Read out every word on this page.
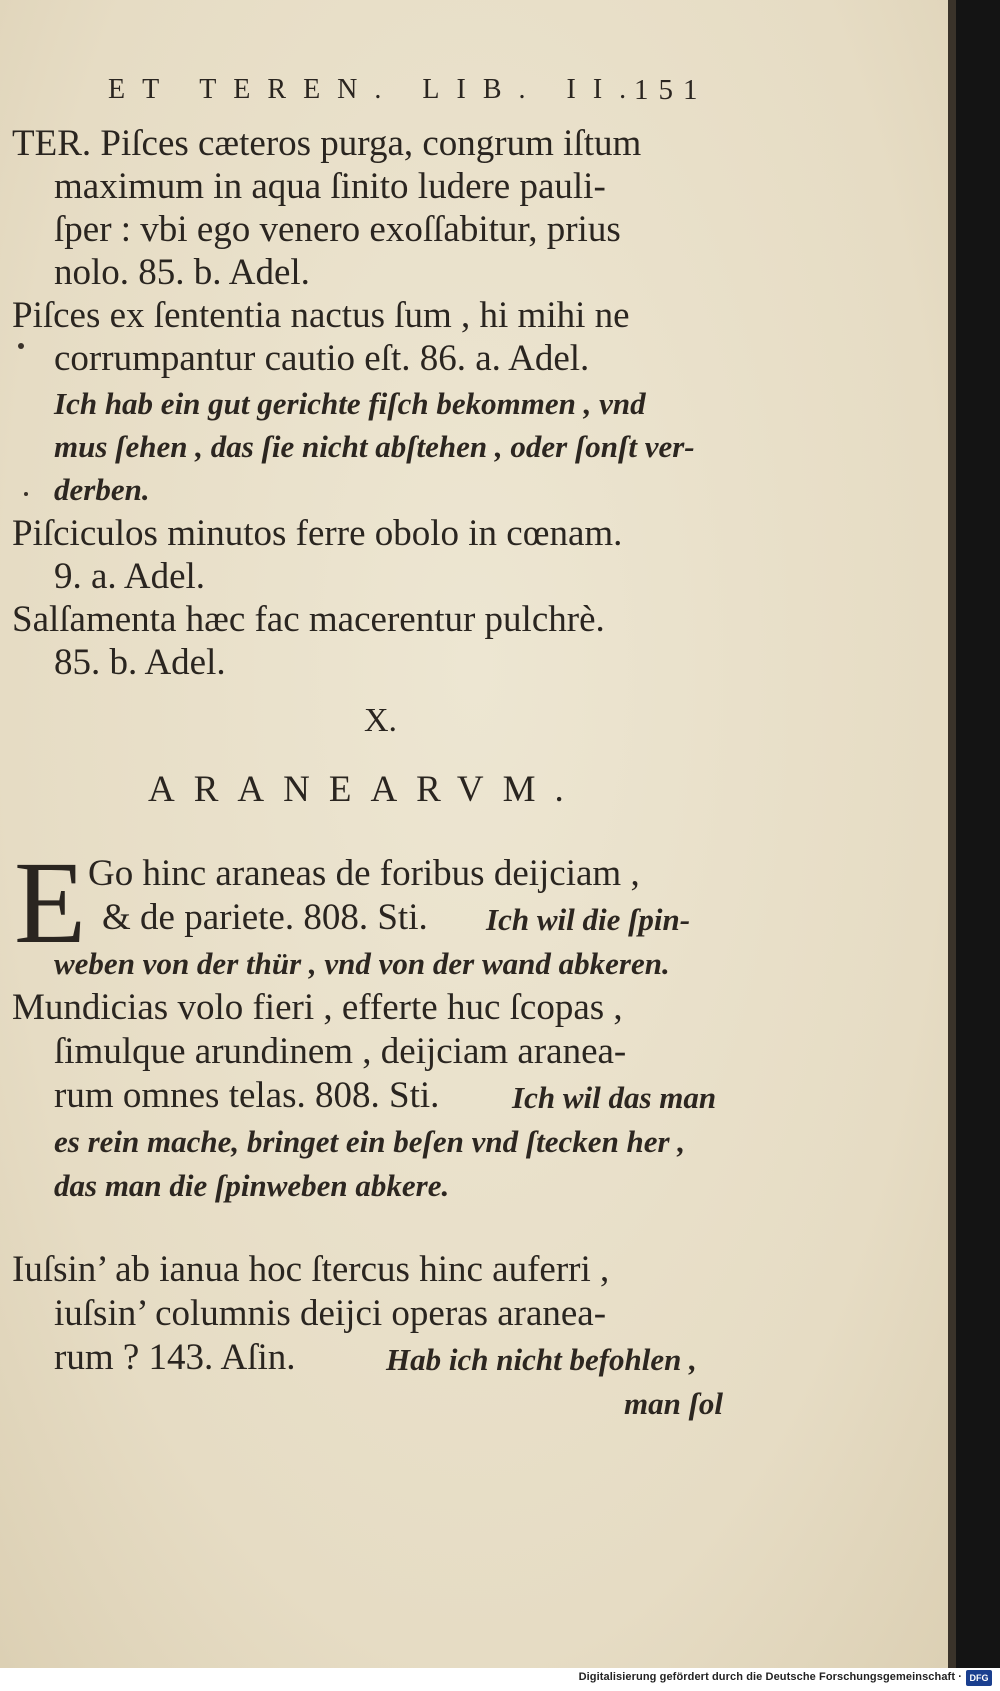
ET TEREN. LIB. II.
151
TER. Piſces cæteros purga, congrum iſtum
maximum in aqua ſinito ludere pauli-
ſper : vbi ego venero exoſſabitur, prius
nolo. 85. b. Adel.
Piſces ex ſententia nactus ſum , hi mihi ne
corrumpantur cautio eſt. 86. a. Adel.
Ich hab ein gut gerichte fiſch bekommen , vnd
mus ſehen , das ſie nicht abſtehen , oder ſonſt ver-
derben.
Piſciculos minutos ferre obolo in cœnam.
9. a. Adel.
Salſamenta hæc fac macerentur pulchrè.
85. b. Adel.
X.
ARANEARVM.
E Go hinc araneas de foribus deijciam ,
& de pariete. 808. Sti. Ich wil die ſpin-
weben von der thür , vnd von der wand abkeren.
Mundicias volo fieri , efferte huc ſcopas ,
ſimulque arundinem , deijciam aranea-
rum omnes telas. 808. Sti. Ich wil das man
es rein mache, bringet ein beſen vnd ſtecken her ,
das man die ſpinweben abkere.
Iuſsin’ ab ianua hoc ſtercus hinc auferri ,
iuſsin’ columnis deijci operas aranea-
rum ? 143. Aſin.	Hab ich nicht befohlen ,
man ſol
Digitalisierung gefördert durch die Deutsche Forschungsgemeinschaft · DFG
